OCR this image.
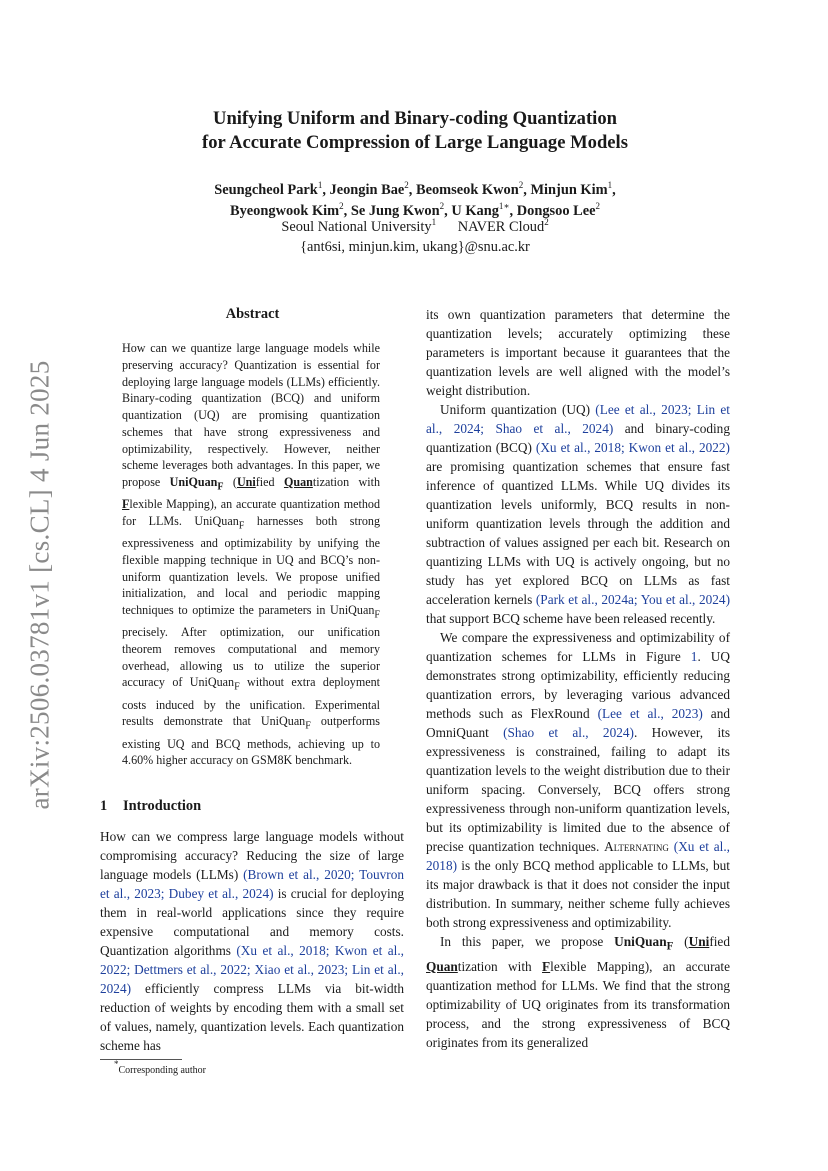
arXiv:2506.03781v1 [cs.CL] 4 Jun 2025
Unifying Uniform and Binary-coding Quantization
for Accurate Compression of Large Language Models
Seungcheol Park$^1$, Jeongin Bae$^2$, Beomseok Kwon$^2$, Minjun Kim$^1$,
Byeongwook Kim$^2$, Se Jung Kwon$^2$, U Kang$^{1∗}$, Dongsoo Lee$^2$
Seoul National University$^1$ NAVER Cloud$^2$
{ant6si, minjun.kim, ukang}@snu.ac.kr
Abstract

How can we quantize large language models while preserving accuracy? Quantization is essential for deploying large language models (LLMs) efficiently. Binary-coding quantization (BCQ) and uniform quantization (UQ) are promising quantization schemes that have strong expressiveness and optimizability, respectively. However, neither scheme leverages both advantages. In this paper, we propose UniQuan$_F$ (Unified Quantization with Flexible Mapping), an accurate quantization method for LLMs. UniQuan$_F$ harnesses both strong expressiveness and optimizability by unifying the flexible mapping technique in UQ and BCQ’s non-uniform quantization levels. We propose unified initialization, and local and periodic mapping techniques to optimize the parameters in UniQuan$_F$ precisely. After optimization, our unification theorem removes computational and memory overhead, allowing us to utilize the superior accuracy of UniQuan$_F$ without extra deployment costs induced by the unification. Experimental results demonstrate that UniQuan$_F$ outperforms existing UQ and BCQ methods, achieving up to 4.60% higher accuracy on GSM8K benchmark.

1 Introduction

How can we compress large language models without compromising accuracy? Reducing the size of large language models (LLMs) (Brown et al., 2020; Touvron et al., 2023; Dubey et al., 2024) is crucial for deploying them in real-world applications since they require expensive computational and memory costs. Quantization algorithms (Xu et al., 2018; Kwon et al., 2022; Dettmers et al., 2022; Xiao et al., 2023; Lin et al., 2024) efficiently compress LLMs via bit-width reduction of weights by encoding them with a small set of values, namely, quantization levels. Each quantization scheme has

*Corresponding author

its own quantization parameters that determine the quantization levels; accurately optimizing these parameters is important because it guarantees that the quantization levels are well aligned with the model’s weight distribution.

Uniform quantization (UQ) (Lee et al., 2023; Lin et al., 2024; Shao et al., 2024) and binary-coding quantization (BCQ) (Xu et al., 2018; Kwon et al., 2022) are promising quantization schemes that ensure fast inference of quantized LLMs. While UQ divides its quantization levels uniformly, BCQ results in non-uniform quantization levels through the addition and subtraction of values assigned per each bit. Research on quantizing LLMs with UQ is actively ongoing, but no study has yet explored BCQ on LLMs as fast acceleration kernels (Park et al., 2024a; You et al., 2024) that support BCQ scheme have been released recently.

We compare the expressiveness and optimizability of quantization schemes for LLMs in Figure 1. UQ demonstrates strong optimizability, efficiently reducing quantization errors, by leveraging various advanced methods such as FlexRound (Lee et al., 2023) and OmniQuant (Shao et al., 2024). However, its expressiveness is constrained, failing to adapt its quantization levels to the weight distribution due to their uniform spacing. Conversely, BCQ offers strong expressiveness through non-uniform quantization levels, but its optimizability is limited due to the absence of precise quantization techniques. Alternating (Xu et al., 2018) is the only BCQ method applicable to LLMs, but its major drawback is that it does not consider the input distribution. In summary, neither scheme fully achieves both strong expressiveness and optimizability.

In this paper, we propose UniQuan$_F$ (Unified Quantization with Flexible Mapping), an accurate quantization method for LLMs. We find that the strong optimizability of UQ originates from its transformation process, and the strong expressiveness of BCQ originates from its generalized
